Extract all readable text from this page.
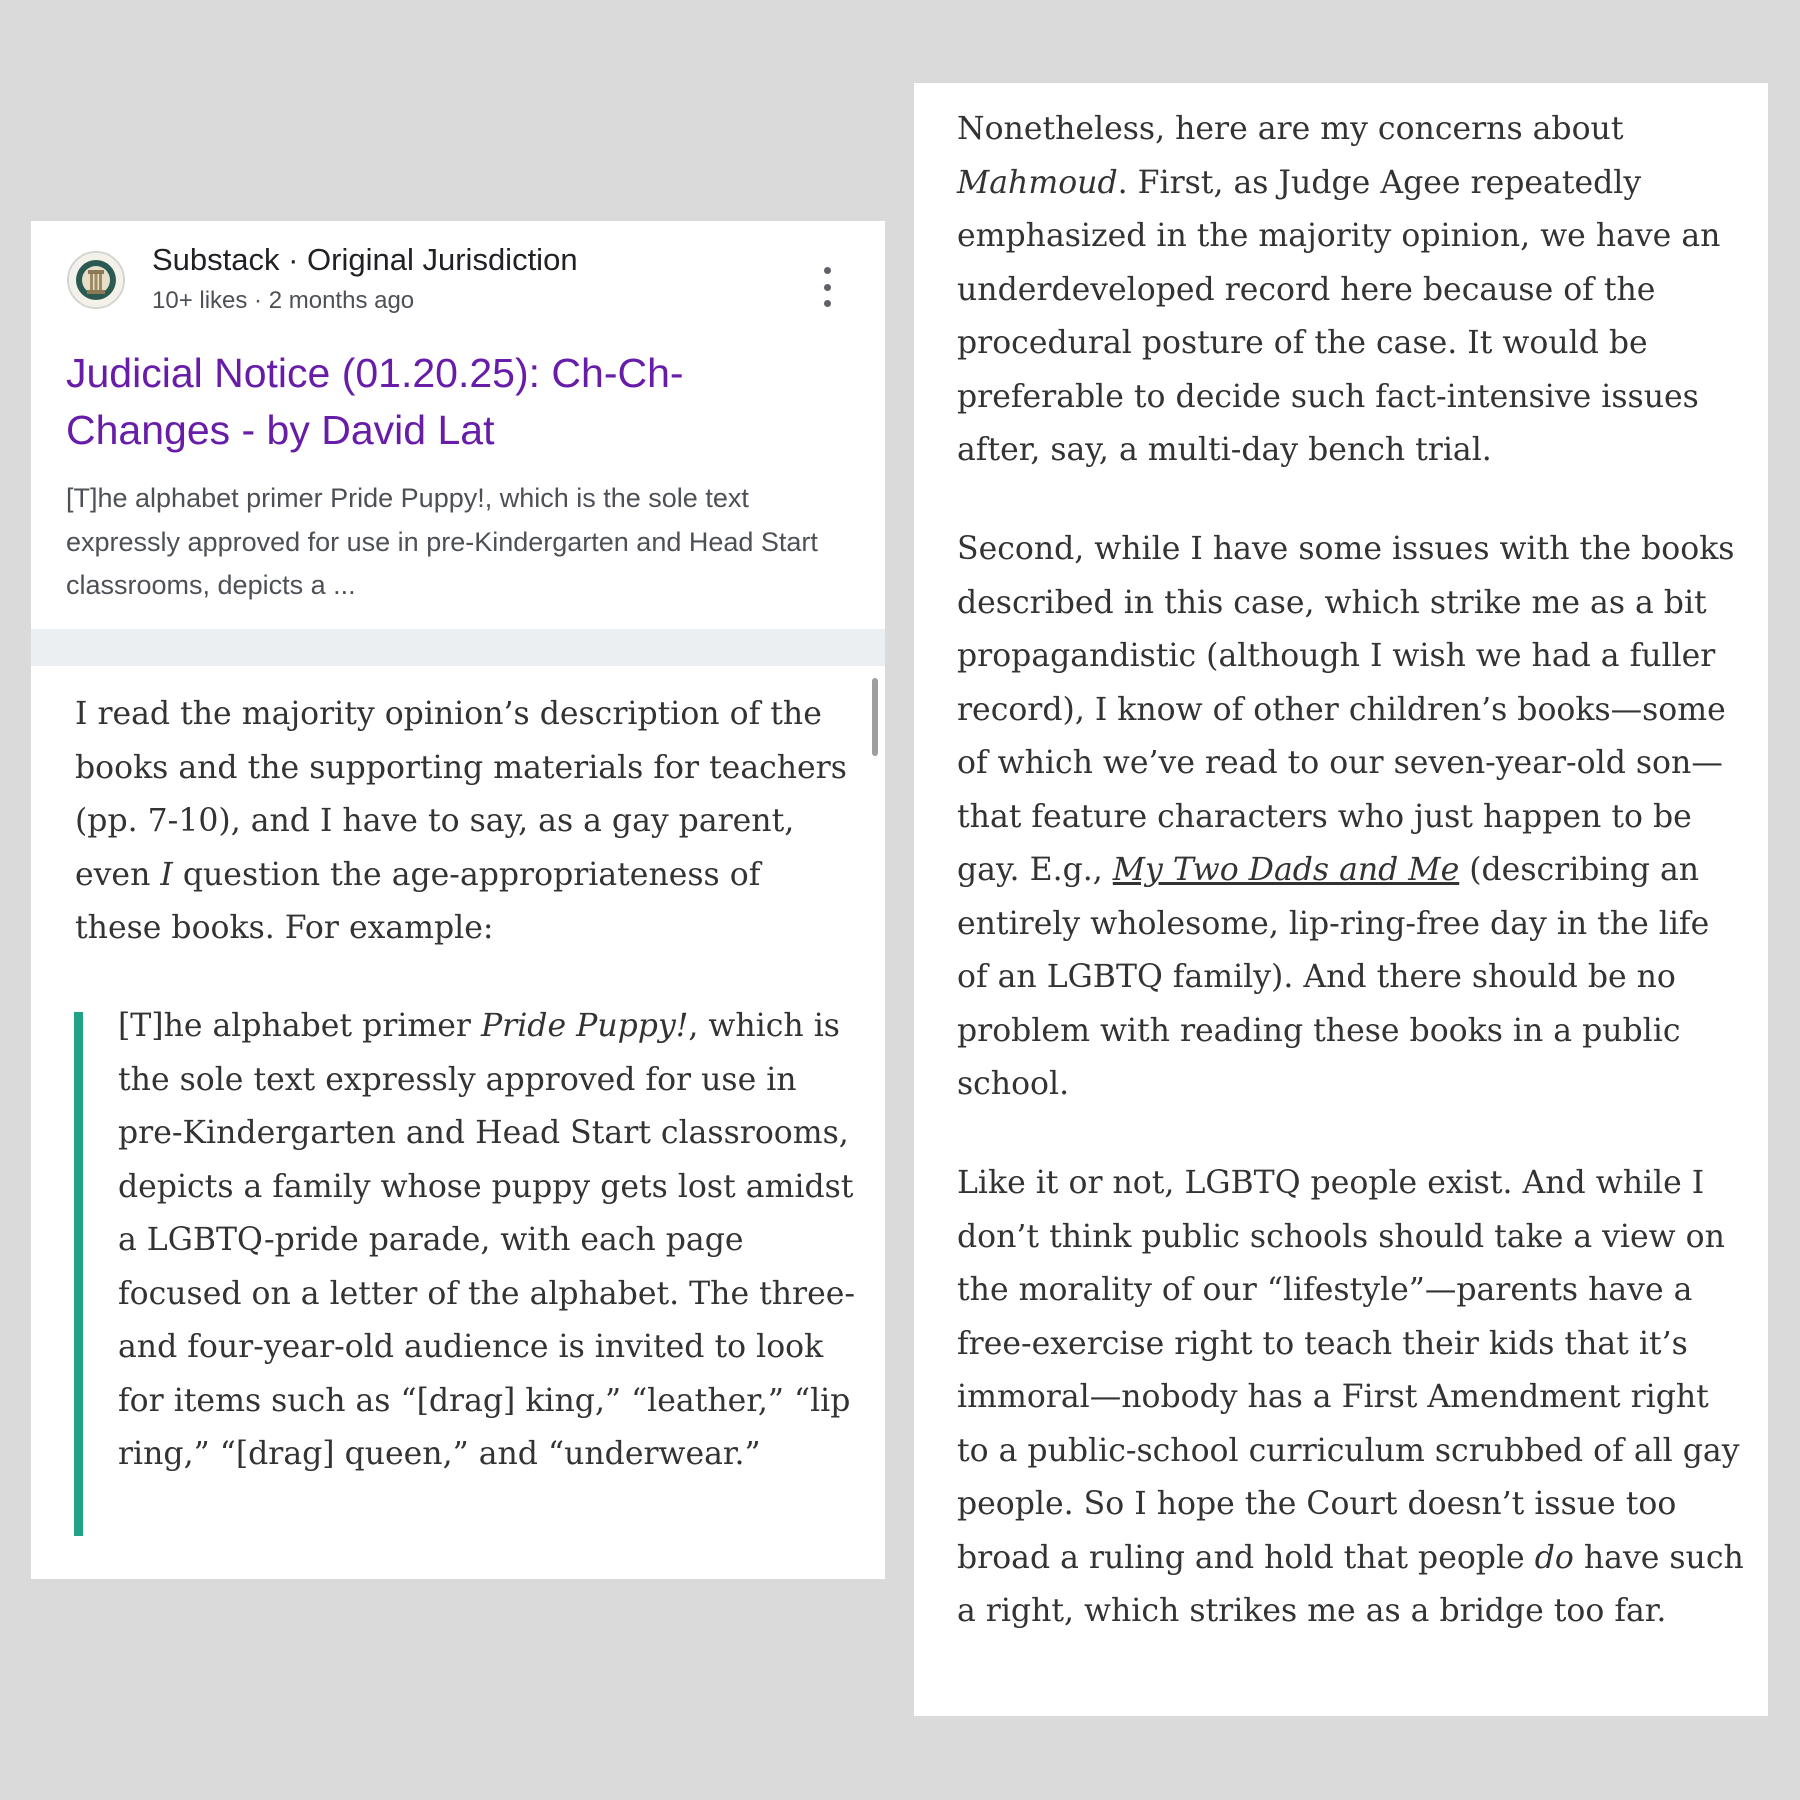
Substack · Original Jurisdiction
10+ likes · 2 months ago
Judicial Notice (01.20.25): Ch-Ch-Changes - by David Lat
[T]he alphabet primer Pride Puppy!, which is the sole text expressly approved for use in pre-Kindergarten and Head Start classrooms, depicts a ...

I read the majority opinion’s description of the books and the supporting materials for teachers (pp. 7-10), and I have to say, as a gay parent, even I question the age-appropriateness of these books. For example:

[T]he alphabet primer Pride Puppy!, which is the sole text expressly approved for use in pre-Kindergarten and Head Start classrooms, depicts a family whose puppy gets lost amidst a LGBTQ-pride parade, with each page focused on a letter of the alphabet. The three- and four-year-old audience is invited to look for items such as “[drag] king,” “leather,” “lip ring,” “[drag] queen,” and “underwear.”

Nonetheless, here are my concerns about Mahmoud. First, as Judge Agee repeatedly emphasized in the majority opinion, we have an underdeveloped record here because of the procedural posture of the case. It would be preferable to decide such fact-intensive issues after, say, a multi-day bench trial.

Second, while I have some issues with the books described in this case, which strike me as a bit propagandistic (although I wish we had a fuller record), I know of other children’s books—some of which we’ve read to our seven-year-old son—that feature characters who just happen to be gay. E.g., My Two Dads and Me (describing an entirely wholesome, lip-ring-free day in the life of an LGBTQ family). And there should be no problem with reading these books in a public school.

Like it or not, LGBTQ people exist. And while I don’t think public schools should take a view on the morality of our “lifestyle”—parents have a free-exercise right to teach their kids that it’s immoral—nobody has a First Amendment right to a public-school curriculum scrubbed of all gay people. So I hope the Court doesn’t issue too broad a ruling and hold that people do have such a right, which strikes me as a bridge too far.
